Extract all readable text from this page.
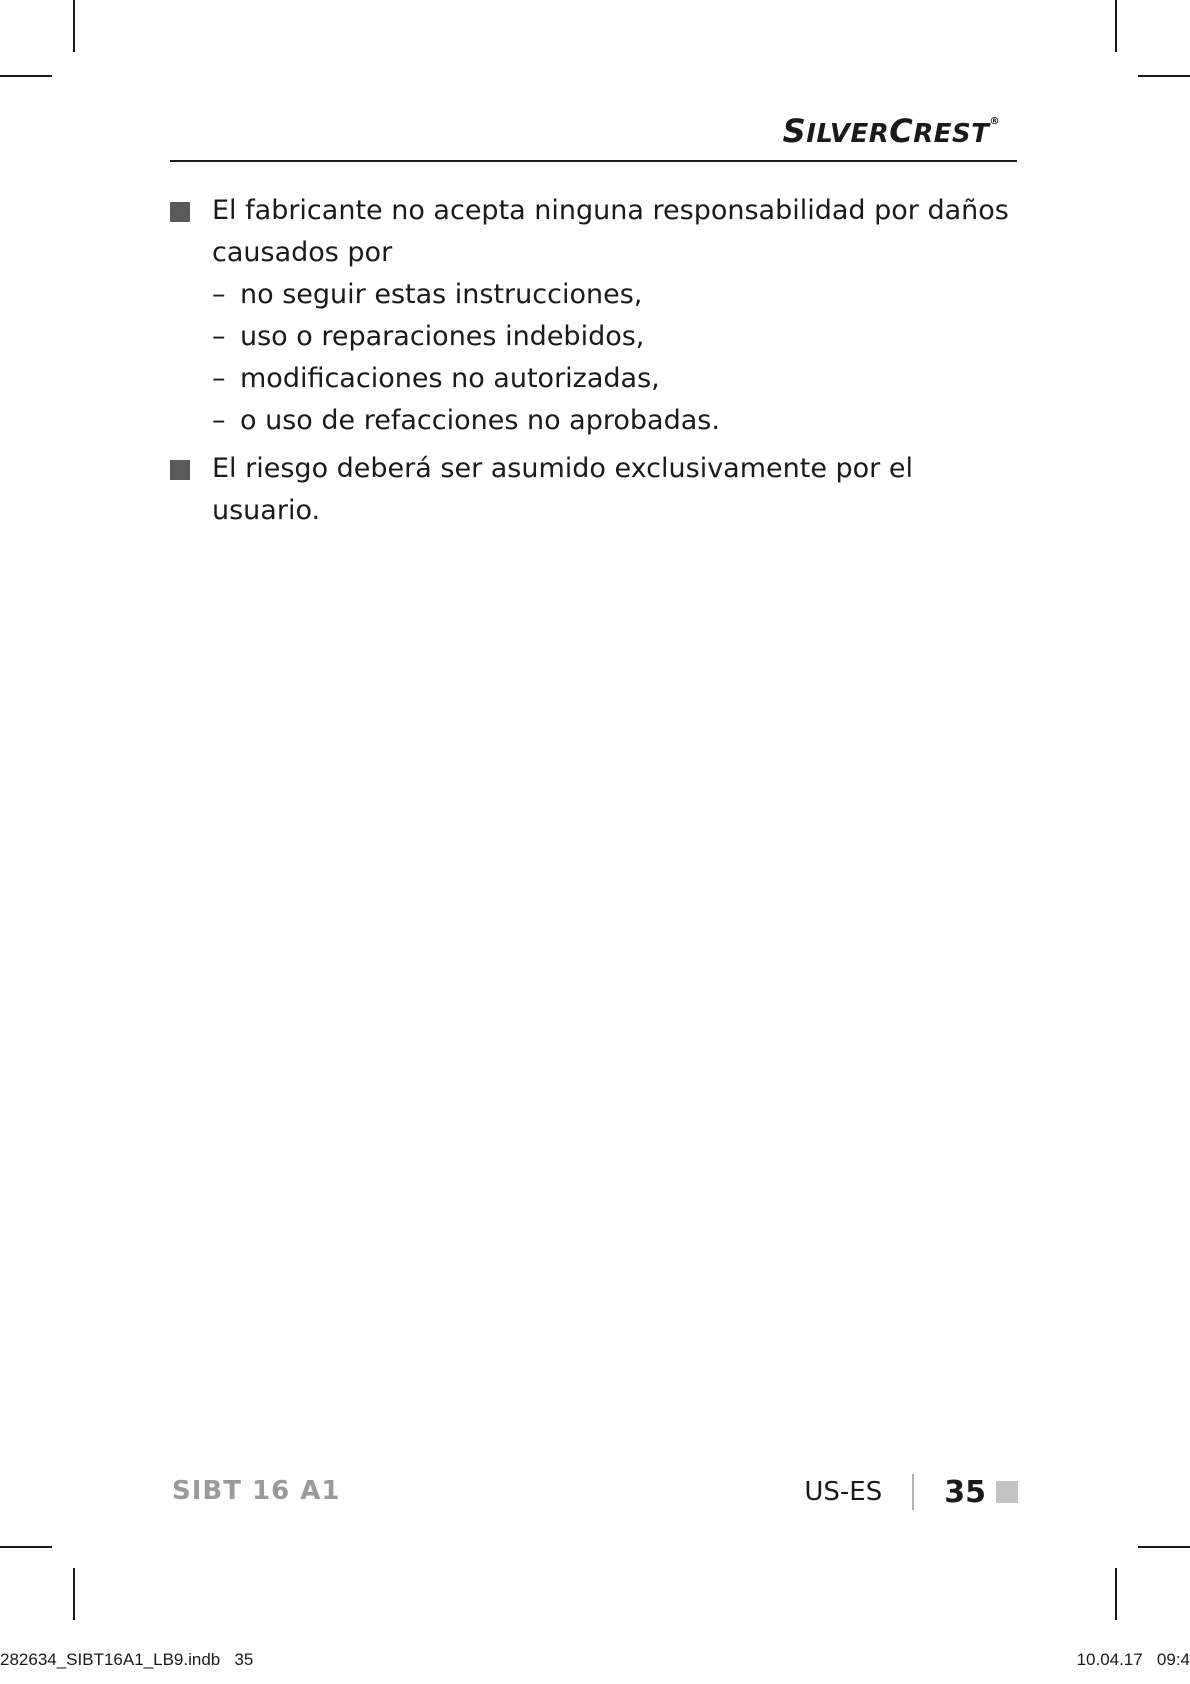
SILVERCREST®
El fabricante no acepta ninguna responsabilidad por daños
causados por
– no seguir estas instrucciones,
– uso o reparaciones indebidos,
– modificaciones no autorizadas,
– o uso de refacciones no aprobadas.
El riesgo deberá ser asumido exclusivamente por el usuario.
SIBT 16 A1	US-ES 35
282634_SIBT16A1_LB9.indb   35	10.04.17   09:4
